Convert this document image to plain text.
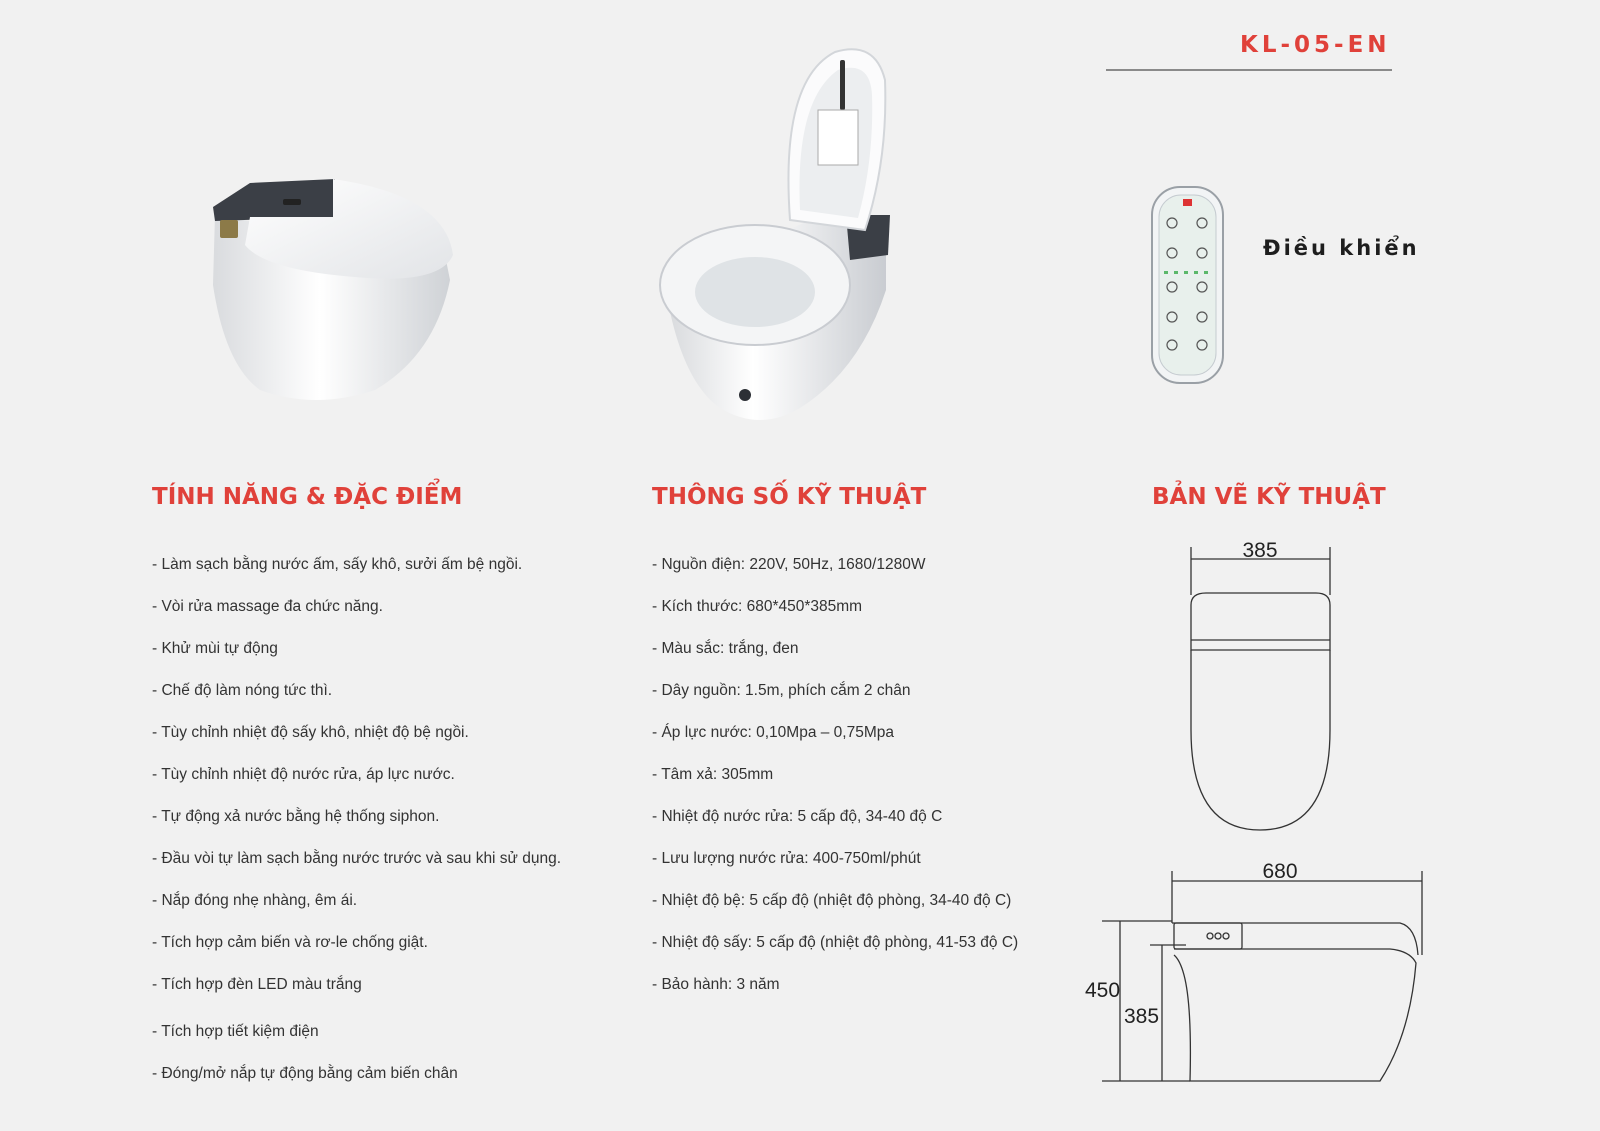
KL-05-EN
Điều khiển
TÍNH NĂNG & ĐẶC ĐIỂM	THÔNG SỐ KỸ THUẬT	BẢN VẼ KỸ THUẬT
- Làm sạch bằng nước ấm, sấy khô, sưởi ấm bệ ngồi.
- Vòi rửa massage đa chức năng.
- Khử mùi tự động
- Chế độ làm nóng tức thì.
- Tùy chỉnh nhiệt độ sấy khô, nhiệt độ bệ ngồi.
- Tùy chỉnh nhiệt độ nước rửa, áp lực nước.
- Tự động xả nước bằng hệ thống siphon.
- Đầu vòi tự làm sạch bằng nước trước và sau khi sử dụng.
- Nắp đóng nhẹ nhàng, êm ái.
- Tích hợp cảm biến và rơ-le chống giật.
- Tích hợp đèn LED màu trắng
- Tích hợp tiết kiệm điện
- Đóng/mở nắp tự động bằng cảm biến chân
- Nguồn điện: 220V, 50Hz, 1680/1280W
- Kích thước: 680*450*385mm
- Màu sắc: trắng, đen
- Dây nguồn: 1.5m, phích cắm 2 chân
- Áp lực nước: 0,10Mpa – 0,75Mpa
- Tâm xả: 305mm
- Nhiệt độ nước rửa: 5 cấp độ, 34-40 độ C
- Lưu lượng nước rửa: 400-750ml/phút
- Nhiệt độ bệ: 5 cấp độ (nhiệt độ phòng, 34-40 độ C)
- Nhiệt độ sấy: 5 cấp độ (nhiệt độ phòng, 41-53 độ C)
- Bảo hành: 3 năm
385
680
450
385
